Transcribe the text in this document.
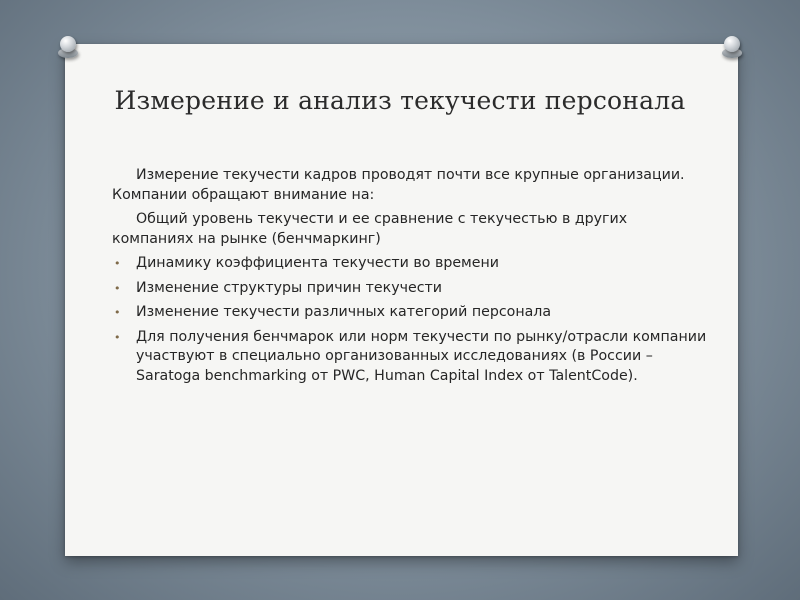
Измерение и анализ текучести персонала

Измерение текучести кадров проводят почти все крупные организации. Компании обращают внимание на:

Общий уровень текучести и ее сравнение с текучестью в других компаниях на рынке (бенчмаркинг)

• Динамику коэффициента текучести во времени
• Изменение структуры причин текучести
• Изменение текучести различных категорий персонала
• Для получения бенчмарок или норм текучести по рынку/отрасли компании участвуют в специально организованных исследованиях (в России – Saratoga benchmarking от PWC, Human Capital Index от TalentCode).
